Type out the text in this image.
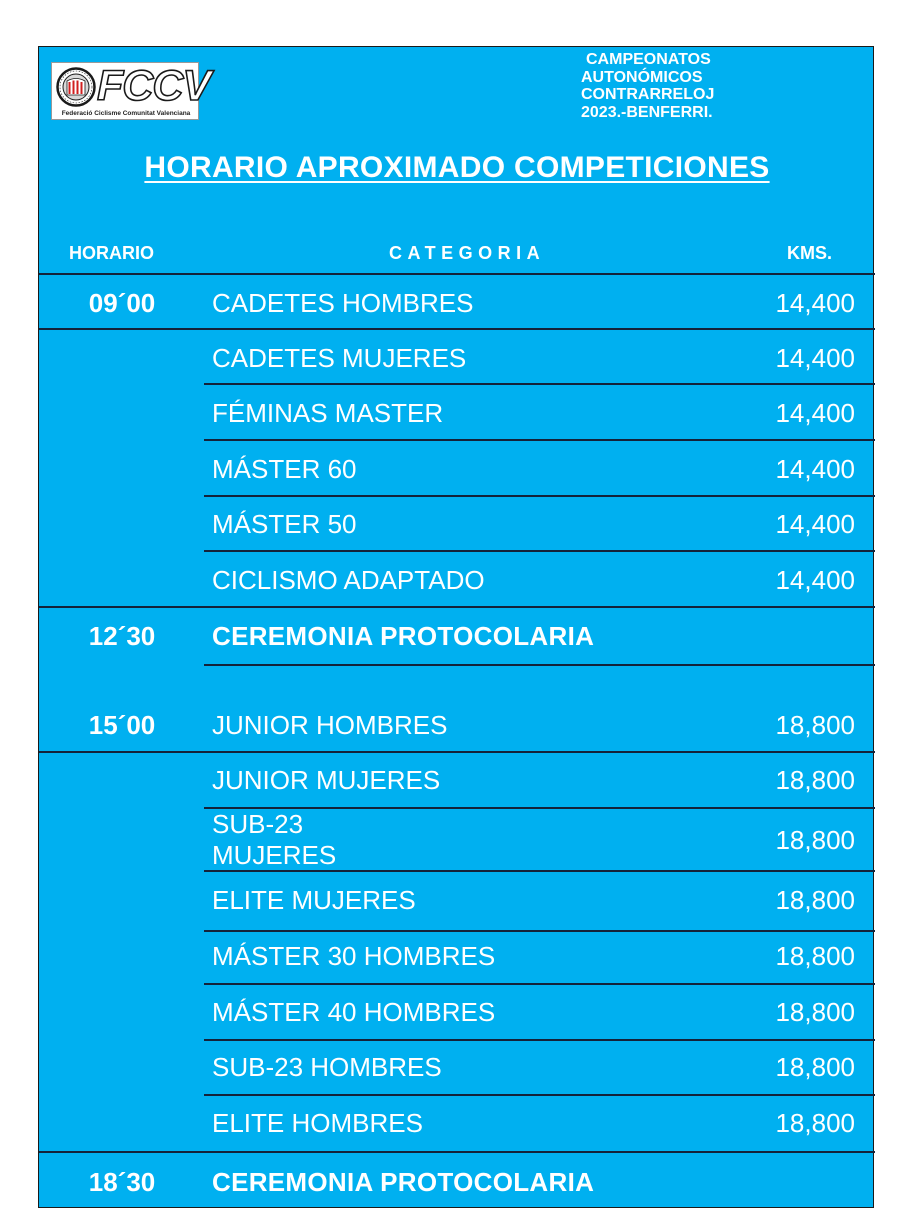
FCCV
Federació Ciclisme Comunitat Valenciana
CAMPEONATOS
AUTONÓMICOS
CONTRARRELOJ
2023.-BENFERRI.
HORARIO APROXIMADO COMPETICIONES
HORARIO	CATEGORIA	KMS.
09´00	CADETES HOMBRES	14,400
CADETES MUJERES	14,400
FÉMINAS MASTER	14,400
MÁSTER 60	14,400
MÁSTER 50	14,400
CICLISMO ADAPTADO	14,400
12´30	CEREMONIA PROTOCOLARIA
15´00	JUNIOR HOMBRES	18,800
JUNIOR MUJERES	18,800
SUB-23
MUJERES	18,800
ELITE MUJERES	18,800
MÁSTER 30 HOMBRES	18,800
MÁSTER 40 HOMBRES	18,800
SUB-23 HOMBRES	18,800
ELITE HOMBRES	18,800
18´30	CEREMONIA PROTOCOLARIA
